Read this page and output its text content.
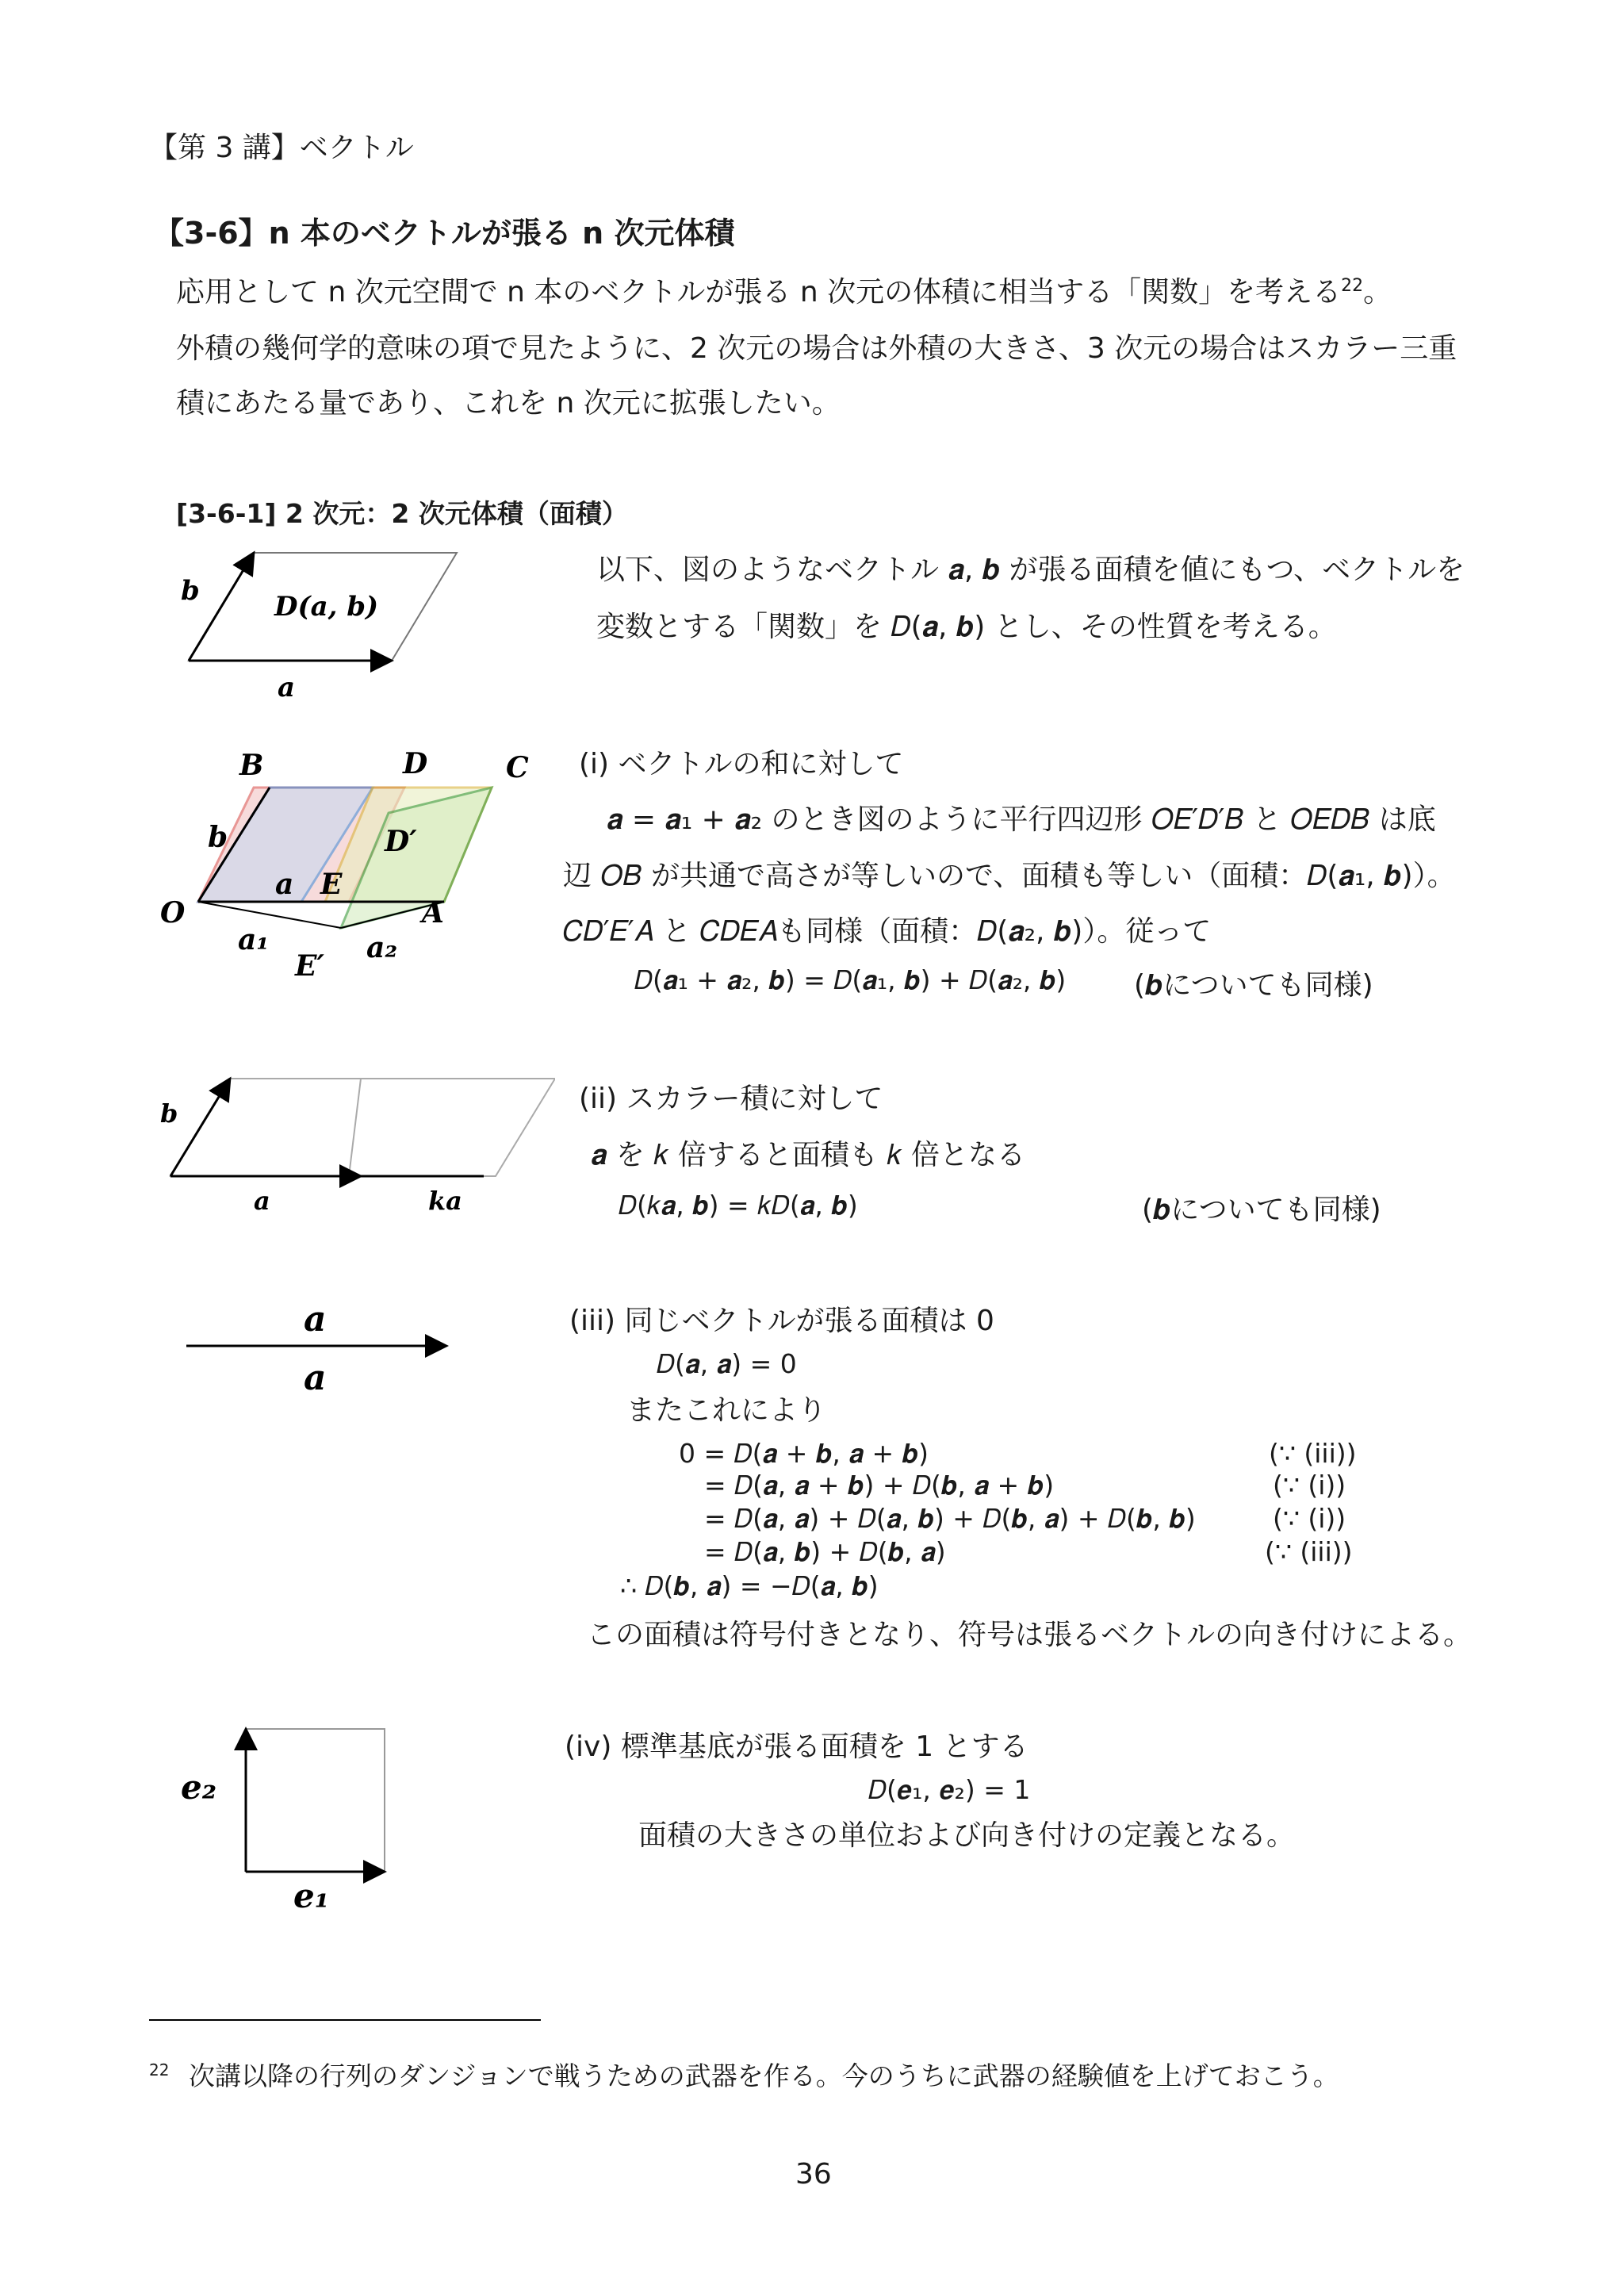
【第 3 講】ベクトル
【3-6】n 本のベクトルが張る n 次元体積
応用として n 次元空間で n 本のベクトルが張る n 次元の体積に相当する「関数」を考える$^{22}$。
外積の幾何学的意味の項で見たように、2 次元の場合は外積の大きさ、3 次元の場合はスカラー三重
積にあたる量であり、これを n 次元に拡張したい。
[3-6-1] 2 次元：2 次元体積（面積）
b
a
D(a, b)
以下、図のようなベクトル 𝒂, 𝒃 が張る面積を値にもつ、ベクトルを
変数とする「関数」を 𝐷(𝒂, 𝒃) とし、その性質を考える。
B	D	C
b	D′
O
a E
A
a₁	a₂
E′
(i) ベクトルの和に対して
𝒂 = 𝒂₁ + 𝒂₂ のとき図のように平行四辺形 𝑂𝐸′𝐷′𝐵 と 𝑂𝐸𝐷𝐵 は底
辺 𝑂𝐵 が共通で高さが等しいので、面積も等しい（面積：𝐷(𝒂₁, 𝒃)）。
𝐶𝐷′𝐸′𝐴 と 𝐶𝐷𝐸𝐴も同様（面積：𝐷(𝒂₂, 𝒃)）。従って
𝐷(𝒂₁ + 𝒂₂, 𝒃) = 𝐷(𝒂₁, 𝒃) + 𝐷(𝒂₂, 𝒃) (𝒃についても同様)
b
a	ka
(ii) スカラー積に対して
𝒂 を 𝑘 倍すると面積も 𝑘 倍となる
𝐷(𝑘𝒂, 𝒃) = 𝑘𝐷(𝒂, 𝒃)	(𝒃についても同様)
a
a
(iii) 同じベクトルが張る面積は 0
𝐷(𝒂, 𝒂) = 0
またこれにより
0 = 𝐷(𝒂 + 𝒃, 𝒂 + 𝒃)	(∵ (iii))
= 𝐷(𝒂, 𝒂 + 𝒃) + 𝐷(𝒃, 𝒂 + 𝒃)	(∵ (i))
= 𝐷(𝒂, 𝒂) + 𝐷(𝒂, 𝒃) + 𝐷(𝒃, 𝒂) + 𝐷(𝒃, 𝒃)	(∵ (i))
= 𝐷(𝒂, 𝒃) + 𝐷(𝒃, 𝒂)	(∵ (iii))
∴ 𝐷(𝒃, 𝒂) = −𝐷(𝒂, 𝒃)
この面積は符号付きとなり、符号は張るベクトルの向き付けによる。
e₂
e₁
(iv) 標準基底が張る面積を 1 とする
𝐷(𝒆₁, 𝒆₂) = 1
面積の大きさの単位および向き付けの定義となる。
$^{22}$ 次講以降の行列のダンジョンで戦うための武器を作る。今のうちに武器の経験値を上げておこう。
36
